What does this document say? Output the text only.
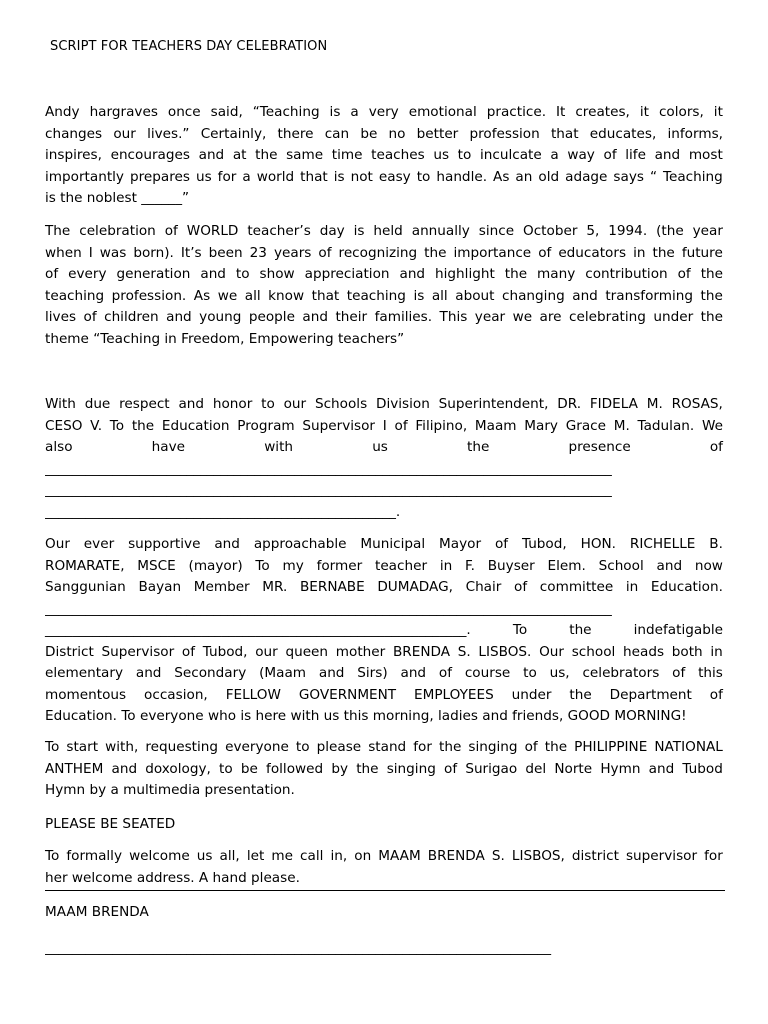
SCRIPT FOR TEACHERS DAY CELEBRATION
Andy hargraves once said, “Teaching is a very emotional practice. It creates, it colors, it
changes our lives.” Certainly, there can be no better profession that educates, informs,
inspires, encourages and at the same time teaches us to inculcate a way of life and most
importantly prepares us for a world that is not easy to handle. As an old adage says “ Teaching
is the noblest ______”
The celebration of WORLD teacher’s day is held annually since October 5, 1994. (the year
when I was born). It’s been 23 years of recognizing the importance of educators in the future
of every generation and to show appreciation and highlight the many contribution of the
teaching profession. As we all know that teaching is all about changing and transforming the
lives of children and young people and their families. This year we are celebrating under the
theme “Teaching in Freedom, Empowering teachers”
With due respect and honor to our Schools Division Superintendent, DR. FIDELA M. ROSAS,
CESO V. To the Education Program Supervisor I of Filipino, Maam Mary Grace M. Tadulan. We
also	have	with	us	the	presence	of
____________________________________________________________________________________
____________________________________________________________________________________
____________________________________________________.
Our ever supportive and approachable Municipal Mayor of Tubod, HON. RICHELLE B.
ROMARATE, MSCE (mayor) To my former teacher in F. Buyser Elem. School and now
Sanggunian Bayan Member MR. BERNABE DUMADAG, Chair of committee in Education.
____________________________________________________________________________________
______________________________________________________________.	To	the	indefatigable
District Supervisor of Tubod, our queen mother BRENDA S. LISBOS. Our school heads both in
elementary and Secondary (Maam and Sirs) and of course to us, celebrators of this
momentous occasion, FELLOW GOVERNMENT EMPLOYEES under the Department of
Education. To everyone who is here with us this morning, ladies and friends, GOOD MORNING!
To start with, requesting everyone to please stand for the singing of the PHILIPPINE NATIONAL
ANTHEM and doxology, to be followed by the singing of Surigao del Norte Hymn and Tubod
Hymn by a multimedia presentation.
PLEASE BE SEATED
To formally welcome us all, let me call in, on MAAM BRENDA S. LISBOS, district supervisor for
her welcome address. A hand please.
MAAM BRENDA
___________________________________________________________________________
